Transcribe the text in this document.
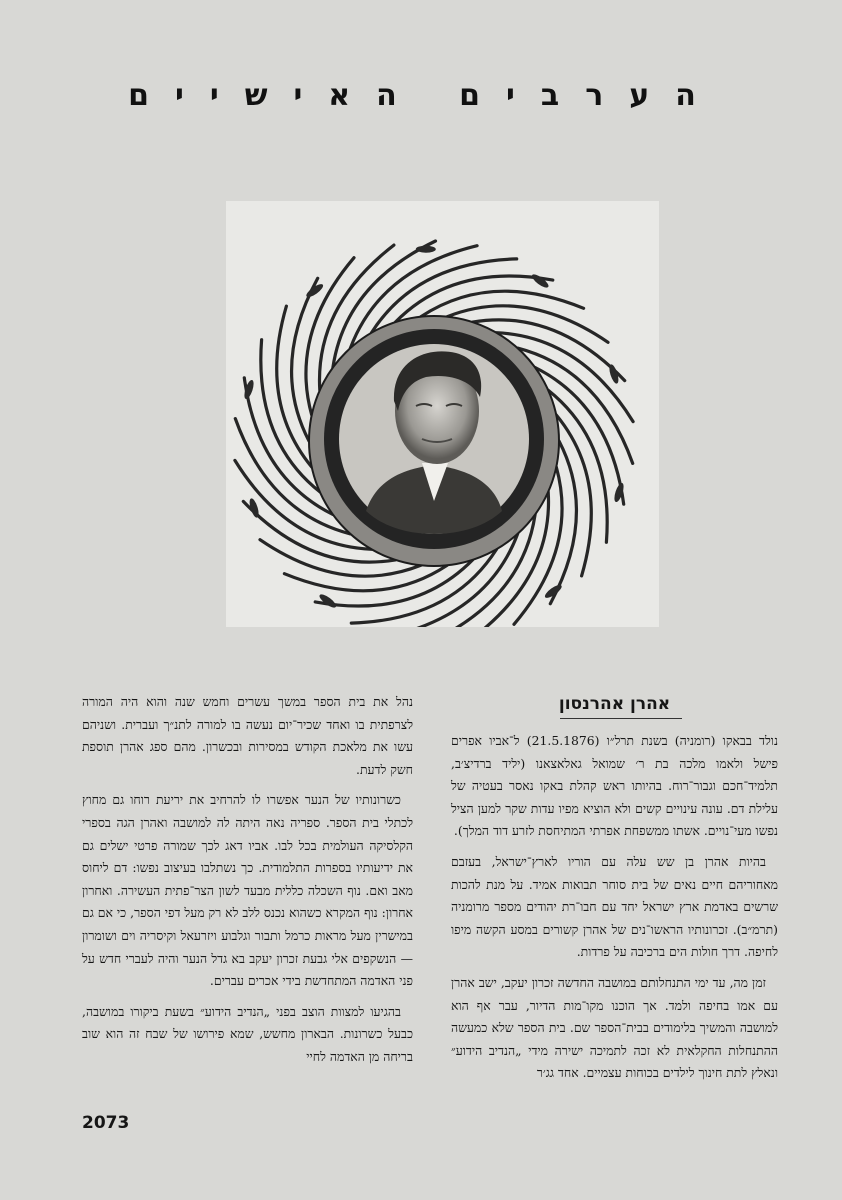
הערבים האישיים
אהרן אהרנסון

נולד בבאקו (רומניה) בשנת תרל״ו (21.5.1876) ל־אביו אפרים פישל ולאמו מלכה בת ר׳ שמואל גאלאצאנו (יליד ברדיצ׳ב, תלמיד־חכם וגבור־רוח. בהיותו ראש קהלת באקו נאסר בעטיה של עלילת דם. עונה עינויים קשים ולא הוציא מפיו עדות שקר למען הציל נפשו מעי־נויים. אשתו ממשפחת אפרתי המתיחסת לזרע דוד המלך).

בהיות אהרן בן שש עלה עם הוריו לארץ־ישראל, בעזבם מאחוריהם חיים נאים של בית סוחר תבואות אמיד. על מנת להכות שרשים באדמת ארץ ישראל יחד עם חבו־רת יהודים מספר מרומניה (תרמ״ב). זכרונותיו הראשו־נים של אהרן קשורים במסע הקשה מיפו לחיפה. דרך חולות הים ברכיבה על פרדות.

זמן מה, עד ימי התנחלותם במושבה החדשה זכרון יעקב, ישב אהרן עם אמו בחיפה ולמד. אך הוכנו מקו־מות הדיור, עבר אף הוא למושבה והמשיך בלימודים בבית־הספר שם. בית הספר שלא כמעשה ההתנחלות החקלאית לא זכה לתמיכה ישירה מידי „הנדיב הידוע״ ונאלץ לתת חינוך לילדים בכוחות עצמיים. אחד גג׳ר

נהל את בית הספר במשך עשרים וחמש שנה והוא היה המורה לצרפתית בו ואחד שכיר־יום נעשה בו למורה לתנ״ך ועברית. ושניהם עשו את מלאכת הקודש במסירות ובכשרון. מהם ספג אהרן תוספת חשק לדעת.

כשרונותיו של הנער אפשרו לו להרחיב את יריעת רוחו גם מחוץ לכתלי בית הספר. ספריה נאה היתה לה למושבה ואהרן הגה בספרי הקלסיקה העולמית בכל לבו. אביו דאג לכך שמורה פרטי ישלים גם את ידיעותיו בספרות התלמודית. כך נשתלבו בעיצוב נפשו: דם ליחוס מאב ואם. נוף השכלה כללית מבעד לשון הצר־פתית העשירה. ואחרון אחרון: נוף המקרא כשהוא נכנס ללב לא רק מעל דפי הספר, כי אם גם במישרין מעל מראות כרמל ותבור וגלבוע ויזרעאל וקיסריה וים ושומרון — הנשקפים אלי גבעת זכרון יעקב בא גדל הנער והיה לעברי חדש על פני האדמה המתחדשת בידי אכרים עברים.

בהגיעו למצוות הוצב בפני „הנדיב הידוע״ בשעת ביקורו במושבה, כבעל כשרונות. הבארון מחשש, שמא פירושו של שבח זה הוא שוב בריחה מן האדמה לחיי

2073
